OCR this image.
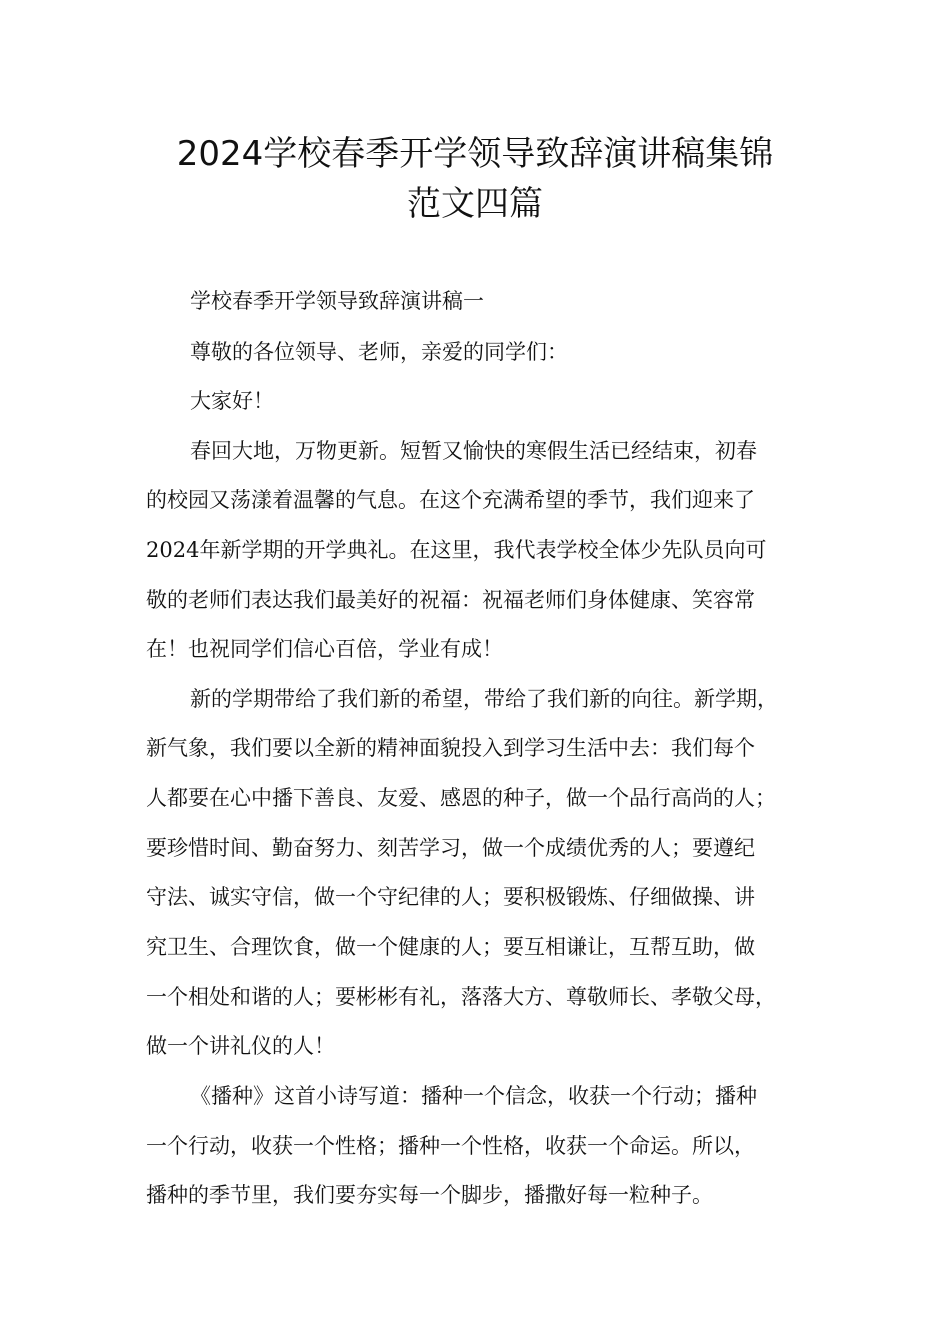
2024学校春季开学领导致辞演讲稿集锦
范文四篇

学校春季开学领导致辞演讲稿一

尊敬的各位领导、老师，亲爱的同学们：

大家好！

春回大地，万物更新。短暂又愉快的寒假生活已经结束，初春

的校园又荡漾着温馨的气息。在这个充满希望的季节，我们迎来了

2024年新学期的开学典礼。在这里，我代表学校全体少先队员向可

敬的老师们表达我们最美好的祝福：祝福老师们身体健康、笑容常

在！也祝同学们信心百倍，学业有成！

新的学期带给了我们新的希望，带给了我们新的向往。新学期，

新气象，我们要以全新的精神面貌投入到学习生活中去：我们每个

人都要在心中播下善良、友爱、感恩的种子，做一个品行高尚的人；

要珍惜时间、勤奋努力、刻苦学习，做一个成绩优秀的人；要遵纪

守法、诚实守信，做一个守纪律的人；要积极锻炼、仔细做操、讲

究卫生、合理饮食，做一个健康的人；要互相谦让，互帮互助，做

一个相处和谐的人；要彬彬有礼，落落大方、尊敬师长、孝敬父母，

做一个讲礼仪的人！

《播种》这首小诗写道：播种一个信念，收获一个行动；播种

一个行动，收获一个性格；播种一个性格，收获一个命运。所以，

播种的季节里，我们要夯实每一个脚步，播撒好每一粒种子。
